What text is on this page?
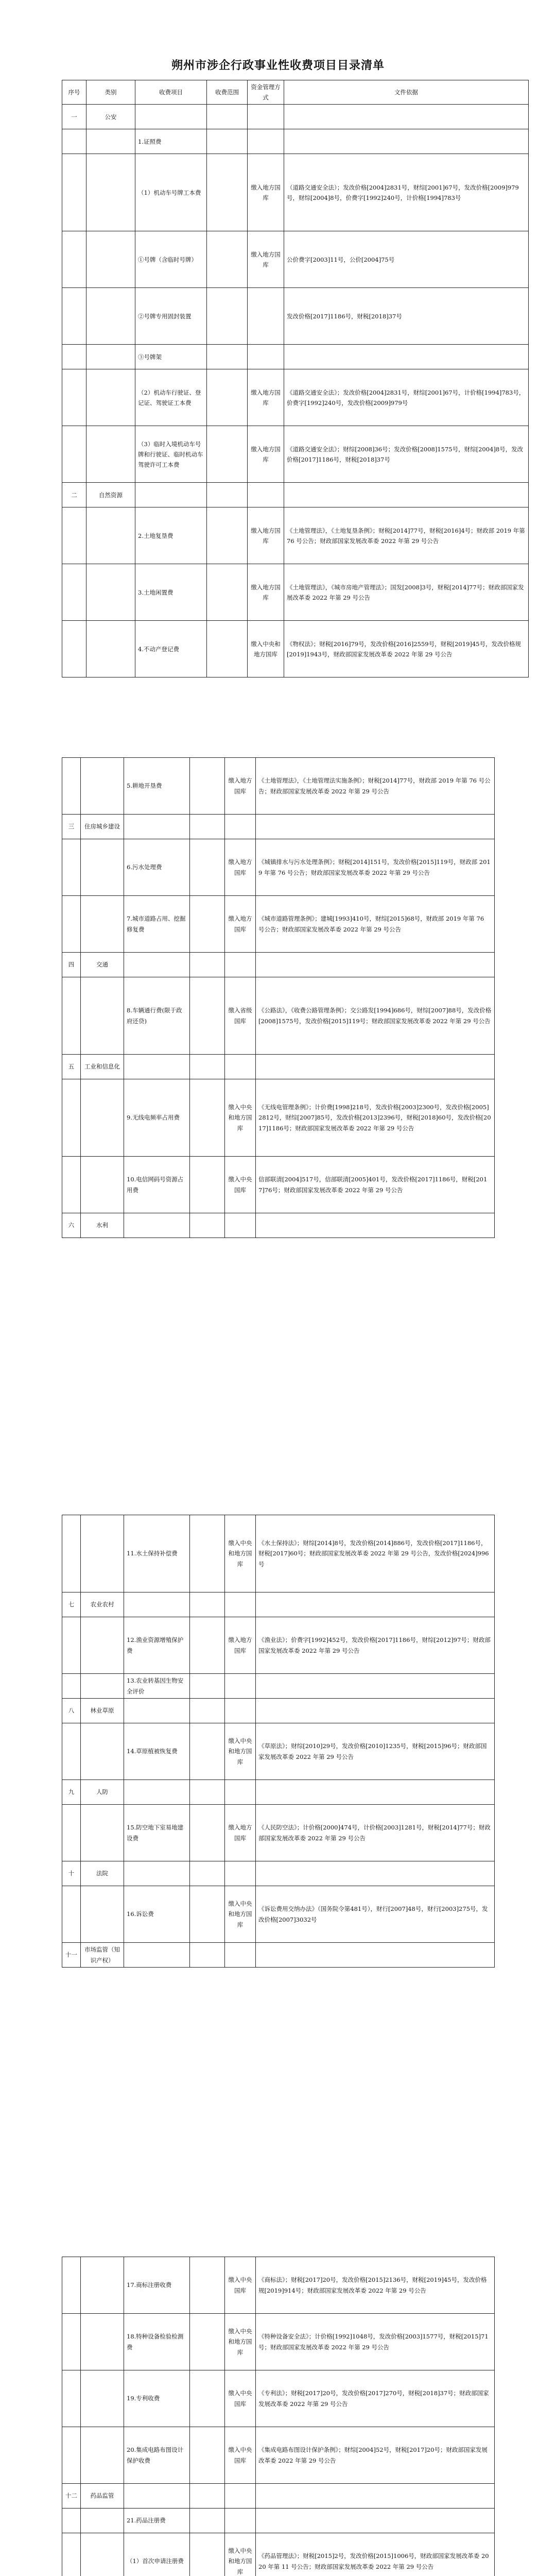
朔州市涉企行政事业性收费项目目录清单
序号	类别	收费项目	收费范围	资金管理方式	文件依据
一	公安				
		1.证照费			
		（1）机动车号牌工本费		缴入地方国库	（道路交通安全法）；发改价格[2004]2831号，财综[2001]67号，发改价格[2009]979号，财综[2004]8号，价费字[1992]240号，计价格[1994]783号
		①号牌（含临时号牌）		缴入地方国库	公价费字[2003]11号，公价[2004]75号
		②号牌专用固封装置			发改价格[2017]1186号，财税[2018]37号
		③号牌架			
		（2）机动车行驶证、登记证、驾驶证工本费		缴入地方国库	《道路交通安全法》；发改价格[2004]2831号，财综[2001]67号，计价格[1994]783号，价费字[1992]240号，发改价格[2009]979号
		（3）临时入境机动车号牌和行驶证、临时机动车驾驶许可工本费		缴入地方国库	《道路交通安全法》；财综[2008]36号；发改价格[2008]1575号，财综[2004]8号，发改价格[2017]1186号，财税[2018]37号
二	自然资源				
		2.土地复垦费		缴入地方国库	《土地管理法》，《土地复垦条例》；财税[2014]77号，财税[2016]4号；财政部 2019 年第 76 号公告；财政部国家发展改革委 2022 年第 29 号公告
		3.土地闲置费		缴入地方国库	《土地管理法》，《城市房地产管理法》；国发[2008]3号，财税[2014]77号；财政部国家发展改革委 2022 年第 29 号公告
		4.不动产登记费		缴入中央和地方国库	《物权法》；财税[2016]79号，发改价格[2016]2559号，财税[2019]45号，发改价格规[2019]1943号，财政部国家发展改革委 2022 年第 29 号公告

		5.耕地开垦费		缴入地方国库	《土地管理法》，《土地管理法实施条例》；财税[2014]77号，财政部 2019 年第 76 号公告；财政部国家发展改革委 2022 年第 29 号公告
三	住房城乡建设				
		6.污水处理费		缴入地方国库	《城镇排水与污水处理条例》；财税[2014]151号，发改价格[2015]119号，财政部 2019 年第 76 号公告；财政部国家发展改革委 2022 年第 29 号公告
		7.城市道路占用、挖掘修复费		缴入地方国库	《城市道路管理条例》；建城[1993]410号，财综[2015]68号，财政部 2019 年第 76 号公告；财政部国家发展改革委 2022 年第 29 号公告
四	交通				
		8.车辆通行费(限于政府还贷)		缴入省级国库	《公路法》，《收费公路管理条例》；交公路发[1994]686号，财综[2007]88号，发改价格[2008]1575号，发改价格[2015]119号；财政部国家发展改革委 2022 年第 29 号公告
五	工业和信息化				
		9.无线电频率占用费		缴入中央和地方国库	《无线电管理条例》；计价费[1998]218号，发改价格[2003]2300号，发改价格[2005]2812号，财综[2007]85号，发改价格[2013]2396号，财税[2018]60号，发改价格[2017]1186号；财政部国家发展改革委 2022 年第 29 号公告
		10.电信网码号资源占用费		缴入中央国库	信部联清[2004]517号，信部联清[2005]401号，发改价格[2017]1186号，财税[2017]76号；财政部国家发展改革委 2022 年第 29 号公告
六	水利				

		11.水土保持补偿费		缴入中央和地方国库	《水土保持法》；财综[2014]8号，发改价格[2014]886号，发改价格[2017]1186号，财税[2017]60号；财政部国家发展改革委 2022 年第 29 号公告，发改价格[2024]996号
七	农业农村				
		12.渔业资源增殖保护费		缴入地方国库	《渔业法》；价费字[1992]452号，发改价格[2017]1186号，财综[2012]97号；财政部国家发展改革委 2022 年第 29 号公告
		13.农业转基因生物安全评价			
八	林业草原				
		14.草原植被恢复费		缴入中央和地方国库	《草原法》；财综[2010]29号，发改价格[2010]1235号，财税[2015]96号；财政部国家发展改革委 2022 年第 29 号公告
九	人防				
		15.防空地下室易地建设费		缴入地方国库	《人民防空法》；计价格[2000]474号，计价格[2003]1281号，财税[2014]77号；财政部国家发展改革委 2022 年第 29 号公告
十	法院				
		16.诉讼费		缴入中央和地方国库	《诉讼费用交纳办法》（国务院令第481号），财行[2007]48号，财行[2003]275号，发改价格[2007]3032号
十一	市场监管（知识产权）				

		17.商标注册收费		缴入中央国库	《商标法》；财税[2017]20号，发改价格[2015]2136号，财税[2019]45号，发改价格规[2019]914号；财政部国家发展改革委 2022 年第 29 号公告
		18.特种设备检验检测费		缴入中央和地方国库	《特种设备安全法》；计价格[1992]1048号，发改价格[2003]1577号，财税[2015]71号；财政部国家发展改革委 2022 年第 29 号公告
		19.专利收费		缴入中央国库	《专利法》；财税[2017]20号，发改价格[2017]270号，财税[2018]37号；财政部国家发展改革委 2022 年第 29 号公告
		20.集成电路布图设计保护收费		缴入中央国库	《集成电路布图设计保护条例》；财综[2004]52号，财税[2017]20号；财政部国家发展改革委 2022 年第 29 号公告
十二	药品监管				
		21.药品注册费			
		（1）首次申请注册费		缴入中央和地方国库	《药品管理法》；财税[2015]2号，发改价格[2015]1006号，财政部国家发展改革委 2020 年第 11 号公告；财政部国家发展改革委 2022 年第 29 号公告
